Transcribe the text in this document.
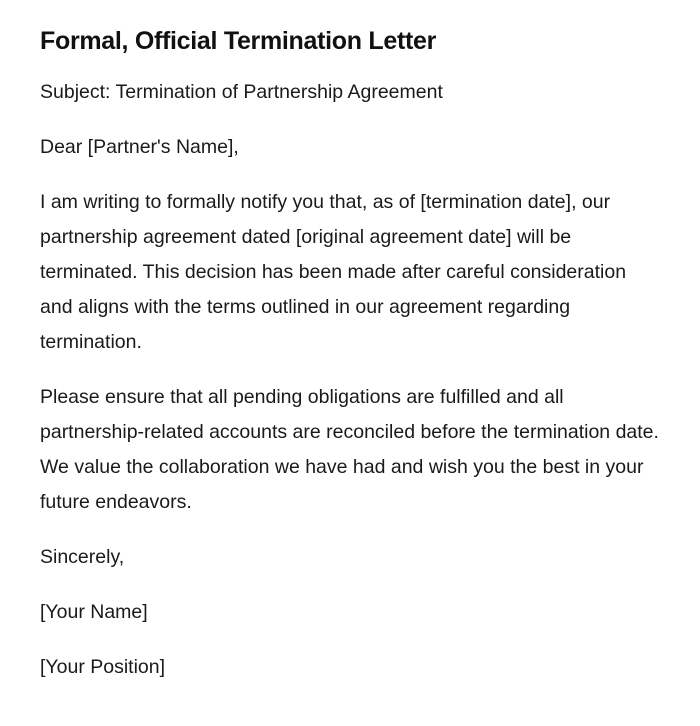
Formal, Official Termination Letter

Subject: Termination of Partnership Agreement

Dear [Partner's Name],

I am writing to formally notify you that, as of [termination date], our partnership agreement dated [original agreement date] will be terminated. This decision has been made after careful consideration and aligns with the terms outlined in our agreement regarding termination.

Please ensure that all pending obligations are fulfilled and all partnership-related accounts are reconciled before the termination date. We value the collaboration we have had and wish you the best in your future endeavors.

Sincerely,

[Your Name]

[Your Position]
